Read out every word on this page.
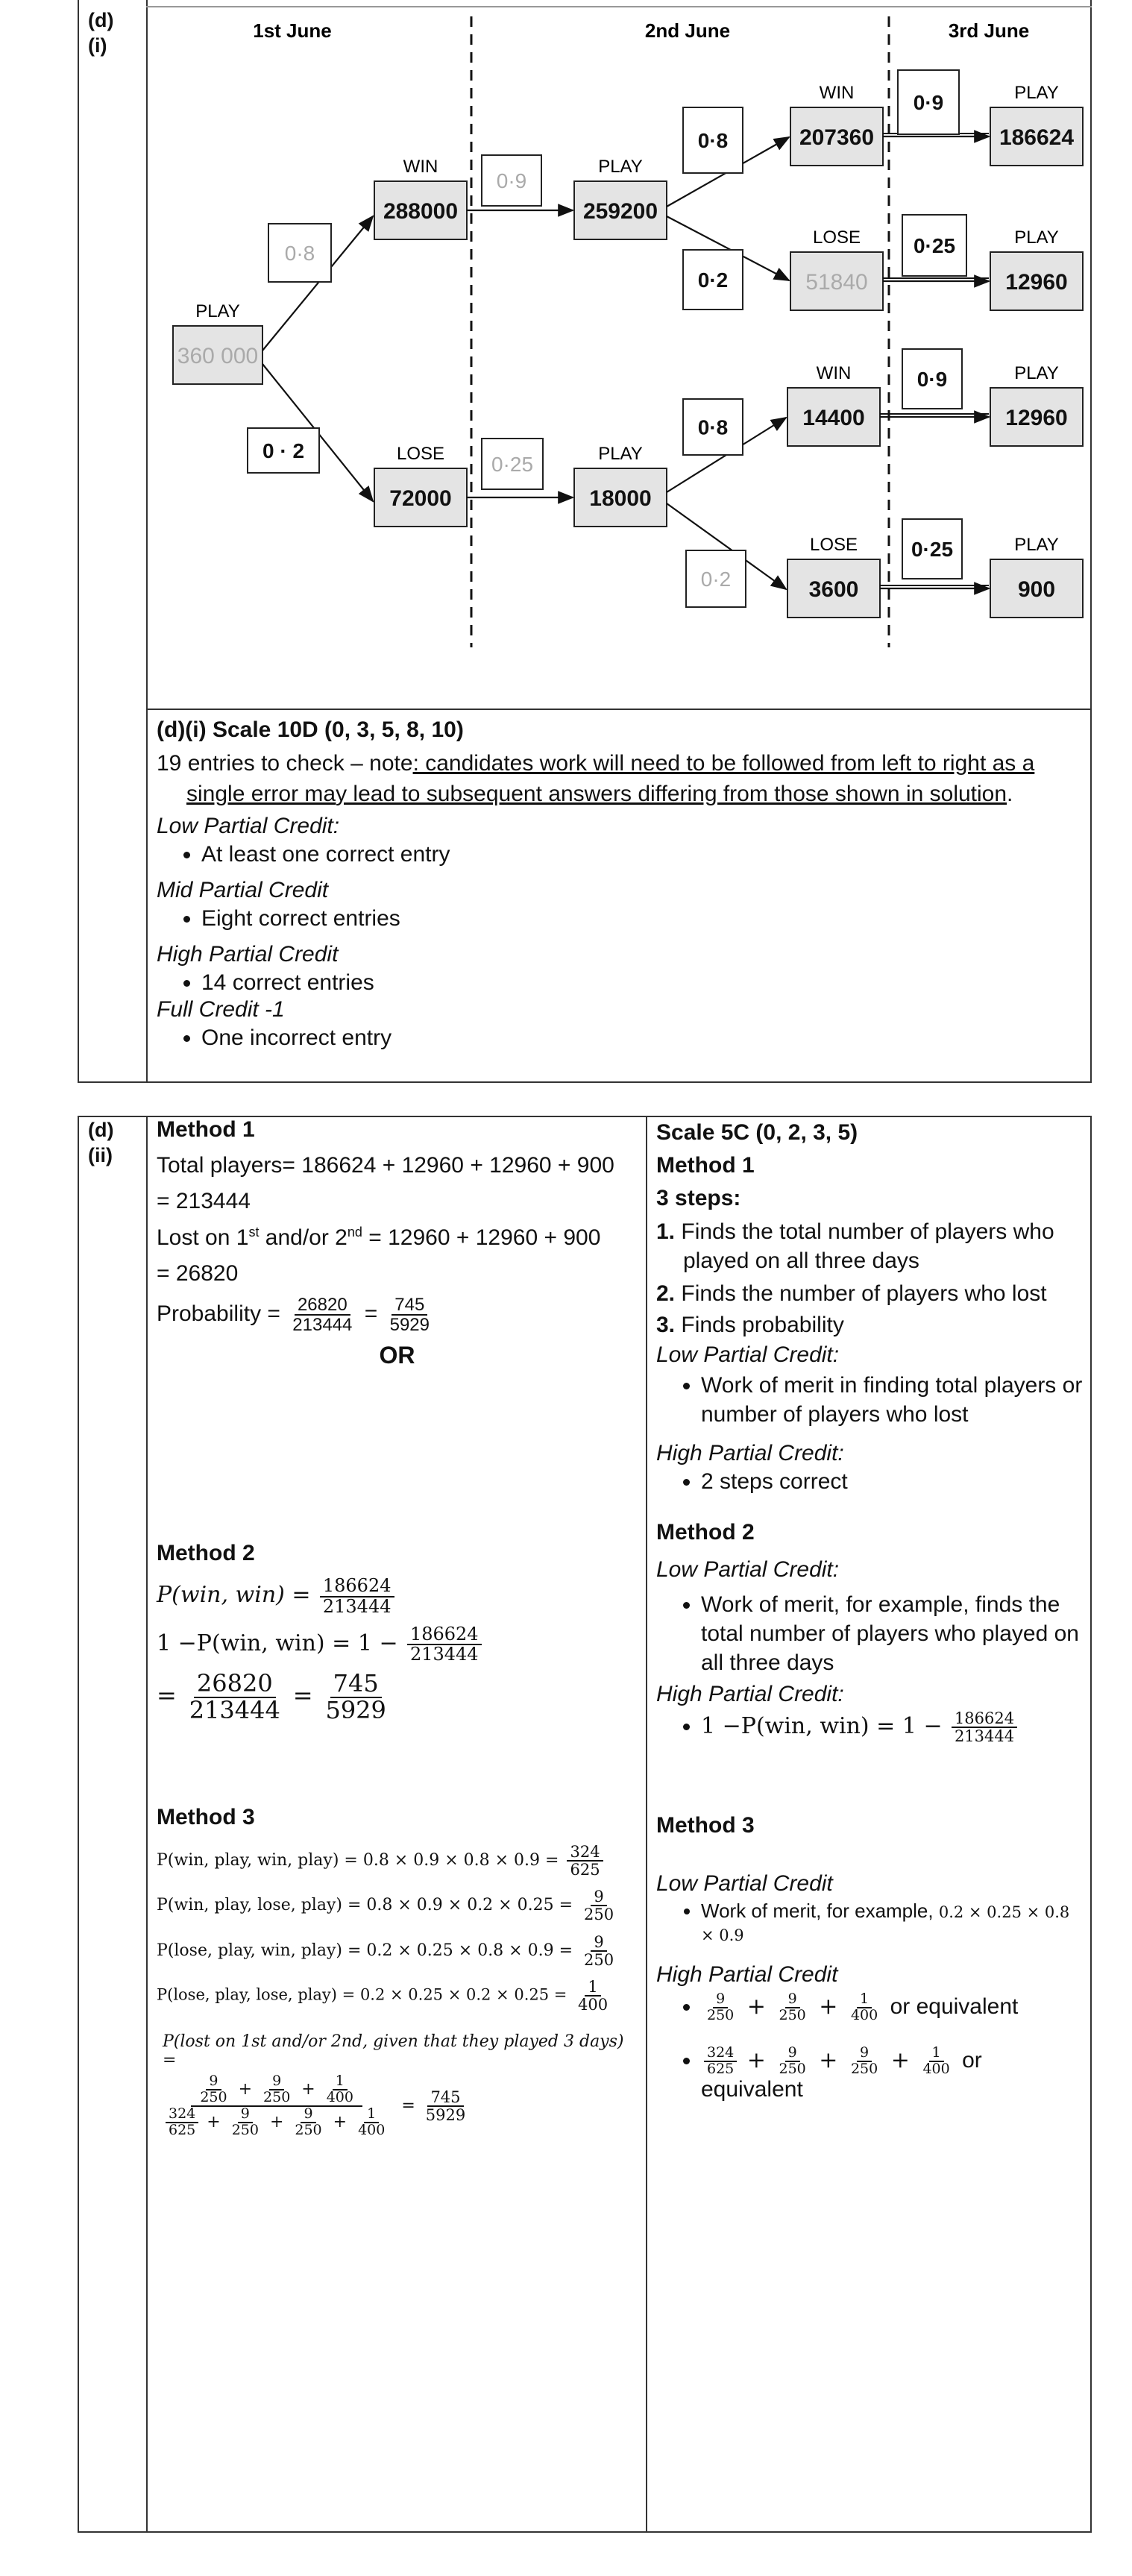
(d)
(i)
1st June	2nd June	3rd June
PLAY
360 000
WIN
288000
LOSE
72000
PLAY
259200
PLAY
18000
WIN
207360
LOSE
51840
WIN
14400
LOSE
3600
PLAY
186624
PLAY
12960
PLAY
12960
PLAY
900
0·8
0 · 2
0·9
0·25
0·8
0·2
0·8
0·2
0·9
0·25
0·9
0·25
(d)(i) Scale 10D (0, 3, 5, 8, 10)
19 entries to check – note: candidates work will need to be followed from left to right as a single error may lead to subsequent answers differing from those shown in solution.
Low Partial Credit:
• At least one correct entry
Mid Partial Credit
• Eight correct entries
High Partial Credit
• 14 correct entries
Full Credit -1
• One incorrect entry
(d)
(ii)
Method 1
Total players= 186624 + 12960 + 12960 + 900
= 213444
Lost on 1st and/or 2nd = 12960 + 12960 + 900
= 26820
Probability = $\frac{26820}{213444} = \frac{745}{5929}$
OR
Method 2
P(win, $win) = \frac{186624}{213444}$
1 −P(win, $win) = 1 - \frac{186624}{213444}$
= $\frac{26820}{213444} = \frac{745}{5929}$
Method 3
P(win, play, win, play) = $0.8 \times 0.9 \times 0.8 \times 0.9 = \frac{324}{625}$
P(win, play, lose, play) = $0.8 \times 0.9 \times 0.2 \times 0.25 = \frac{9}{250}$
P(lose, play, win, play) = $0.2 \times 0.25 \times 0.8 \times 0.9 = \frac{9}{250}$
P(lose, play, lose, play) = $0.2 \times 0.25 \times 0.2 \times 0.25 = \frac{1}{400}$
P(lost on 1st and/or 2nd, given that they played 3 days) =
$\frac{\frac{9}{250} + \frac{9}{250} + \frac{1}{400}}{\frac{324}{625} + \frac{9}{250} + \frac{9}{250} + \frac{1}{400}} = \frac{745}{5929}$
Scale 5C (0, 2, 3, 5)
Method 1
3 steps:
1. Finds the total number of players who played on all three days
2. Finds the number of players who lost
3. Finds probability
Low Partial Credit:
• Work of merit in finding total players or number of players who lost
High Partial Credit:
• 2 steps correct
Method 2
Low Partial Credit:
• Work of merit, for example, finds the total number of players who played on all three days
High Partial Credit:
• 1 −P(win, $win) = 1 - \frac{186624}{213444}$
Method 3
Low Partial Credit
• Work of merit, for example, 0.2 × 0.25 × 0.8 × 0.9
High Partial Credit
• $\frac{9}{250} + \frac{9}{250} + \frac{1}{400}$ or equivalent
• $\frac{324}{625} + \frac{9}{250} + \frac{9}{250} + \frac{1}{400}$ or equivalent
